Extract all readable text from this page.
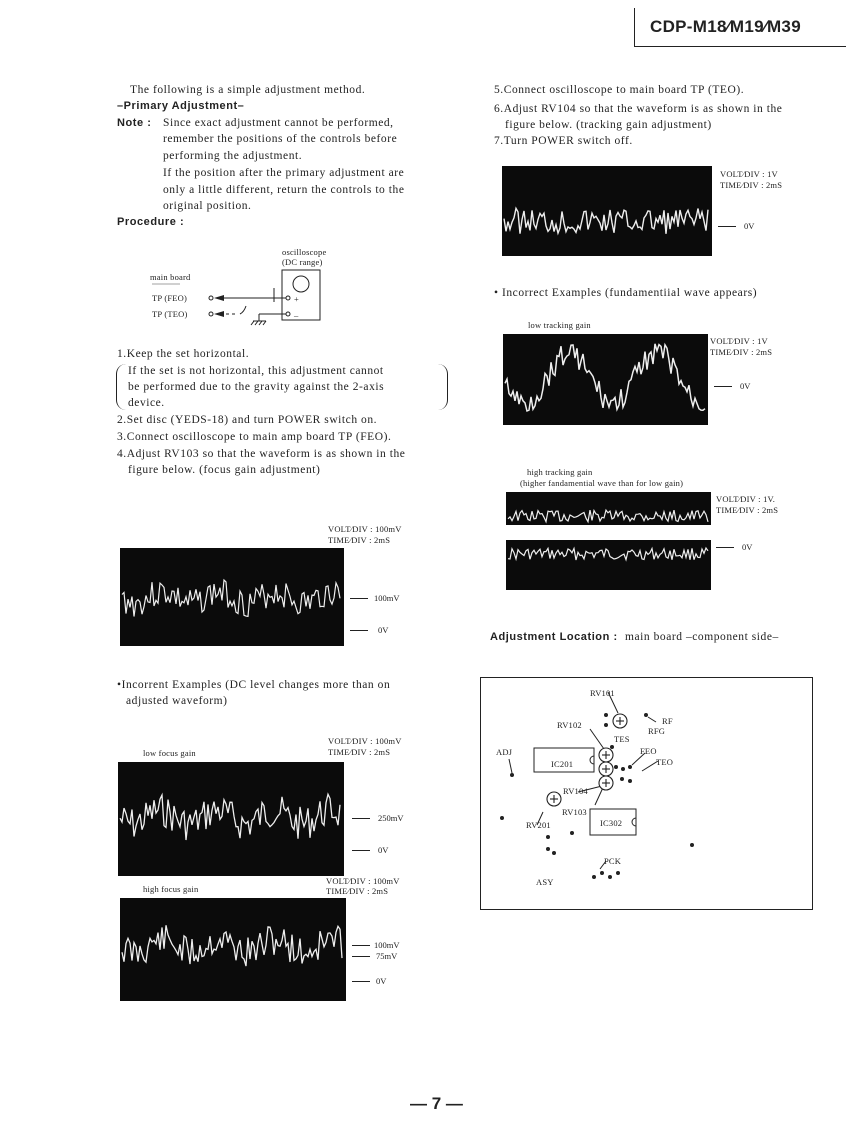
CDP-M18∕M19∕M39
The following is a simple adjustment method.
–Primary Adjustment–
Note : Since exact adjustment cannot be performed,
remember the positions of the controls before
performing the adjustment.
If the position after the primary adjustment are
only a little different, return the controls to the
original position.
Procedure :
oscilloscope
(DC range)
main board
TP (FEO)
TP (TEO)
+
–
1.Keep the set horizontal.
If the set is not horizontal, this adjustment cannot
be performed due to the gravity against the 2-axis
device.
2.Set disc (YEDS-18) and turn POWER switch on.
3.Connect oscilloscope to main amp board TP (FEO).
4.Adjust RV103 so that the waveform is as shown in the
figure below. (focus gain adjustment)
VOLT∕DIV : 100mV
TIME∕DIV : 2mS
100mV
0V
•Incorrent Examples (DC level changes more than on
adjusted waveform)
VOLT∕DIV : 100mV
low focus gain	TIME∕DIV : 2mS
250mV
0V
VOLT∕DIV : 100mV
high focus gain	TIME∕DIV : 2mS
100mV
75mV
0V
5.Connect oscilloscope to main board TP (TEO).
6.Adjust RV104 so that the waveform is as shown in the
figure below. (tracking gain adjustment)
7.Turn POWER switch off.
VOLT∕DIV : 1V
TIME∕DIV : 2mS
0V
• Incorrect Examples (fundamentiial wave appears)
low tracking gain
VOLT∕DIV : 1V
TIME∕DIV : 2mS
0V
high tracking gain
(higher fandamential wave than for low gain)
VOLT∕DIV : 1V.
TIME∕DIV : 2mS
0V
Adjustment Location : main board –component side–
RV101
RV102	RF
RFG
TES
FEO
TEO
ADJ
IC201
RV104
RV103
RV201	IC302
PCK
ASY
— 7 —
